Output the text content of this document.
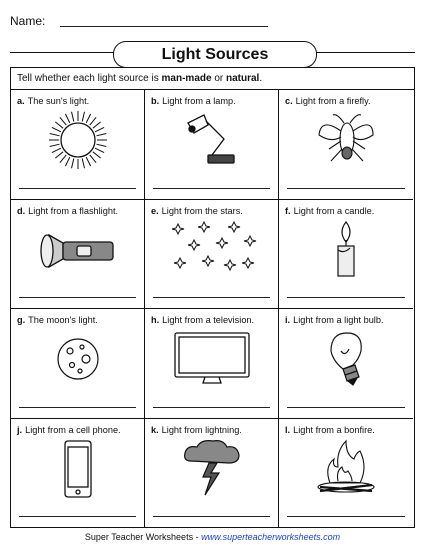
Name:
Light Sources
Tell whether each light source is man-made or natural.
a. The sun's light.	b. Light from a lamp.	c. Light from a firefly.
d. Light from a flashlight.	e. Light from the stars.	f. Light from a candle.
g. The moon's light.	h. Light from a television.	i. Light from a light bulb.
j. Light from a cell phone.	k. Light from lightning.	l. Light from a bonfire.
Super Teacher Worksheets - www.superteacherworksheets.com
